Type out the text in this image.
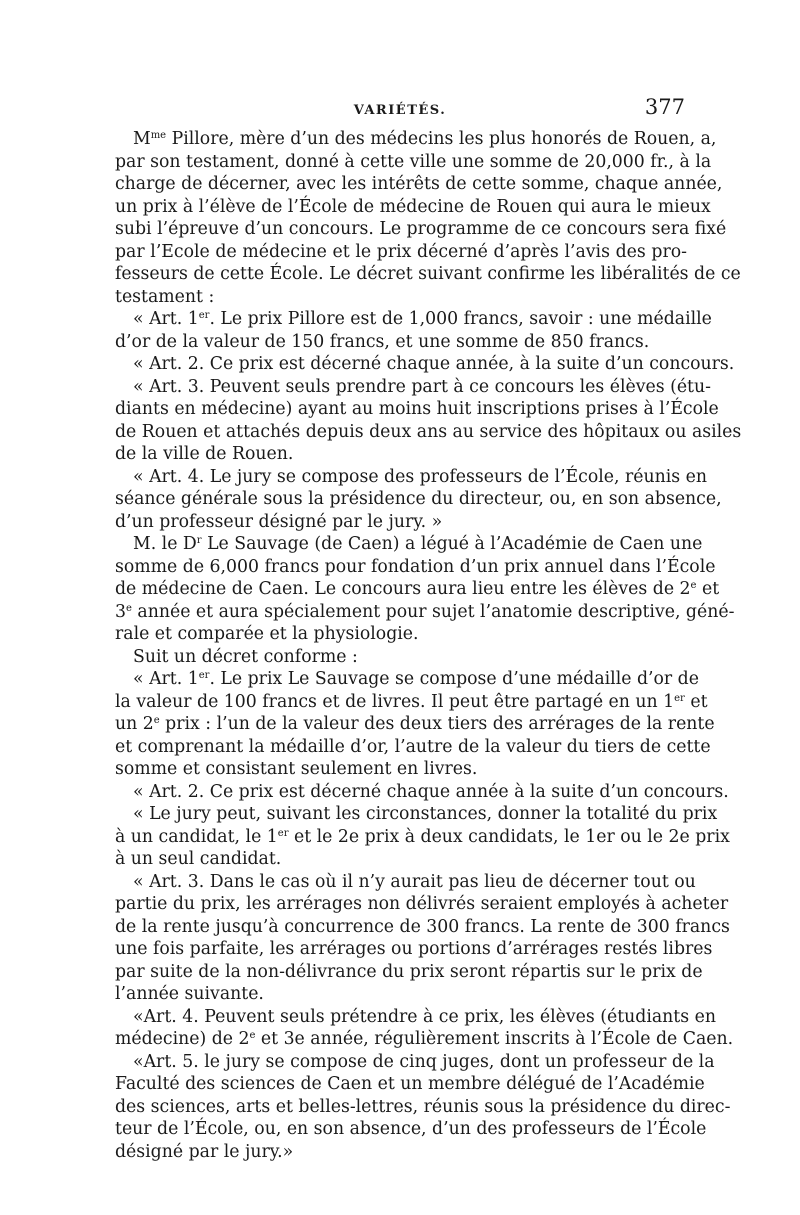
VARIÉTÉS.	377

$M^{me}$ Pillore, mère d’un des médecins les plus honorés de Rouen, a,

par son testament, donné à cette ville une somme de 20,000 fr., à la

charge de décerner, avec les intérêts de cette somme, chaque année,

un prix à l’élève de l’École de médecine de Rouen qui aura le mieux

subi l’épreuve d’un concours. Le programme de ce concours sera fixé

par l’Ecole de médecine et le prix décerné d’après l’avis des pro-

fesseurs de cette École. Le décret suivant confirme les libéralités de ce

testament :

« Art. 1er. Le prix Pillore est de 1,000 francs, savoir : une médaille

d’or de la valeur de 150 francs, et une somme de 850 francs.

« Art. 2. Ce prix est décerné chaque année, à la suite d’un concours.

« Art. 3. Peuvent seuls prendre part à ce concours les élèves (étu-

diants en médecine) ayant au moins huit inscriptions prises à l’École

de Rouen et attachés depuis deux ans au service des hôpitaux ou asiles

de la ville de Rouen.

« Art. 4. Le jury se compose des professeurs de l’École, réunis en

séance générale sous la présidence du directeur, ou, en son absence,

d’un professeur désigné par le jury. »

M. le $D^r$ Le Sauvage (de Caen) a légué à l’Académie de Caen une

somme de 6,000 francs pour fondation d’un prix annuel dans l’École

de médecine de Caen. Le concours aura lieu entre les élèves de 2e et

3e année et aura spécialement pour sujet l’anatomie descriptive, géné-

rale et comparée et la physiologie.

Suit un décret conforme :

« Art. 1er. Le prix Le Sauvage se compose d’une médaille d’or de

la valeur de 100 francs et de livres. Il peut être partagé en un 1er et

un 2e prix : l’un de la valeur des deux tiers des arrérages de la rente

et comprenant la médaille d’or, l’autre de la valeur du tiers de cette

somme et consistant seulement en livres.

« Art. 2. Ce prix est décerné chaque année à la suite d’un concours.

« Le jury peut, suivant les circonstances, donner la totalité du prix

à un candidat, le 1er et le 2e prix à deux candidats, le 1er ou le 2e prix

à un seul candidat.

« Art. 3. Dans le cas où il n’y aurait pas lieu de décerner tout ou

partie du prix, les arrérages non délivrés seraient employés à acheter

de la rente jusqu’à concurrence de 300 francs. La rente de 300 francs

une fois parfaite, les arrérages ou portions d’arrérages restés libres

par suite de la non-délivrance du prix seront répartis sur le prix de

l’année suivante.

«Art. 4. Peuvent seuls prétendre à ce prix, les élèves (étudiants en

médecine) de 2e et 3e année, régulièrement inscrits à l’École de Caen.

«Art. 5. le jury se compose de cinq juges, dont un professeur de la

Faculté des sciences de Caen et un membre délégué de l’Académie

des sciences, arts et belles-lettres, réunis sous la présidence du direc-

teur de l’École, ou, en son absence, d’un des professeurs de l’École

désigné par le jury.»
